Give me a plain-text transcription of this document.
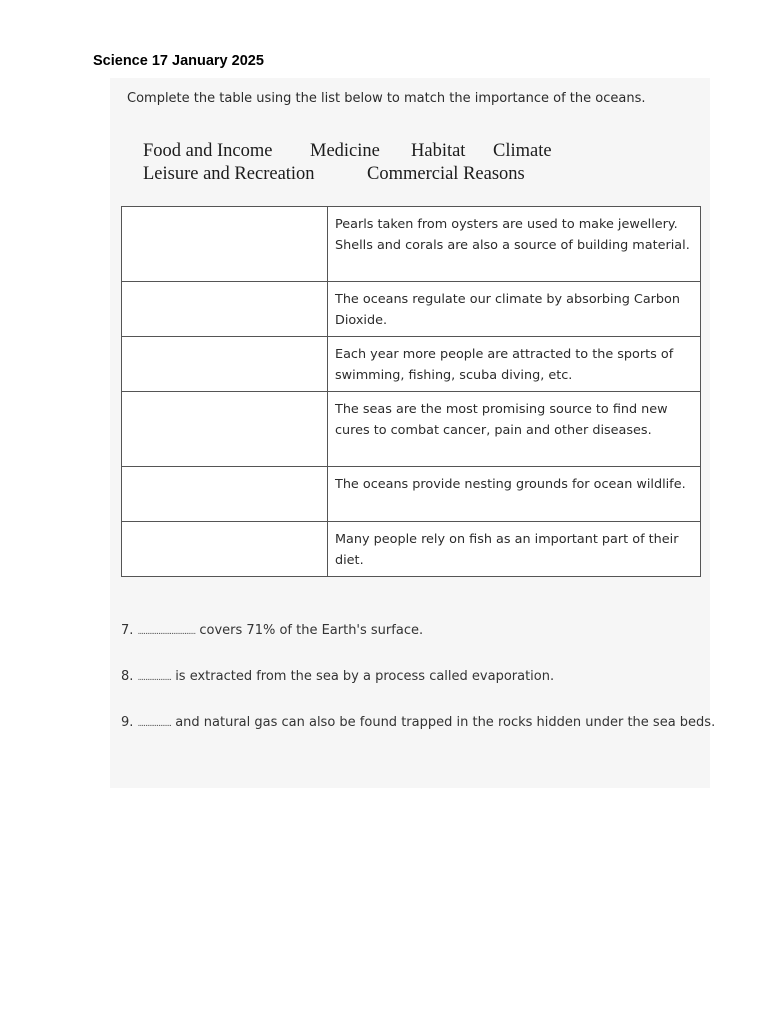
Science 17 January 2025
Complete the table using the list below to match the importance of the oceans.
Food and Income Medicine Habitat Climate
Leisure and Recreation	Commercial Reasons
	Pearls taken from oysters are used to make jewellery. Shells and corals are also a source of building material.
	The oceans regulate our climate by absorbing Carbon Dioxide.
	Each year more people are attracted to the sports of swimming, fishing, scuba diving, etc.
	The seas are the most promising source to find new cures to combat cancer, pain and other diseases.
	The oceans provide nesting grounds for ocean wildlife.
	Many people rely on fish as an important part of their diet.
7. ............................... covers 71% of the Earth's surface.
8. .................. is extracted from the sea by a process called evaporation.
9. .................. and natural gas can also be found trapped in the rocks hidden under the sea beds.
